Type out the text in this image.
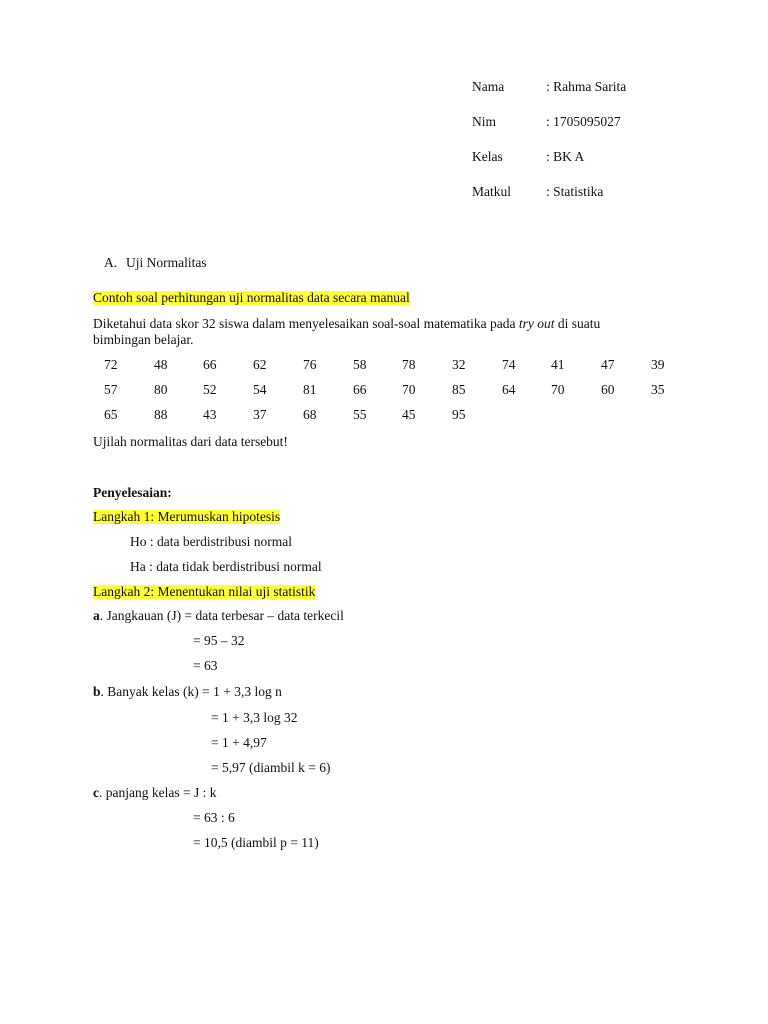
Nama	: Rahma Sarita
Nim	: 1705095027
Kelas	: BK A
Matkul	: Statistika
A. Uji Normalitas
Contoh soal perhitungan uji normalitas data secara manual
Diketahui data skor 32 siswa dalam menyelesaikan soal-soal matematika pada try out di suatu
bimbingan belajar.
72	48	66	62	76	58	78	32	74	41	47	39
57	80	52	54	81	66	70	85	64	70	60	35
65	88	43	37	68	55	45	95
Ujilah normalitas dari data tersebut!
Penyelesaian:
Langkah 1: Merumuskan hipotesis
Ho : data berdistribusi normal
Ha : data tidak berdistribusi normal
Langkah 2: Menentukan nilai uji statistik
a. Jangkauan (J) = data terbesar – data terkecil
= 95 – 32
= 63
b. Banyak kelas (k) = 1 + 3,3 log n
= 1 + 3,3 log 32
= 1 + 4,97
= 5,97 (diambil k = 6)
c. panjang kelas = J : k
= 63 : 6
= 10,5 (diambil p = 11)
